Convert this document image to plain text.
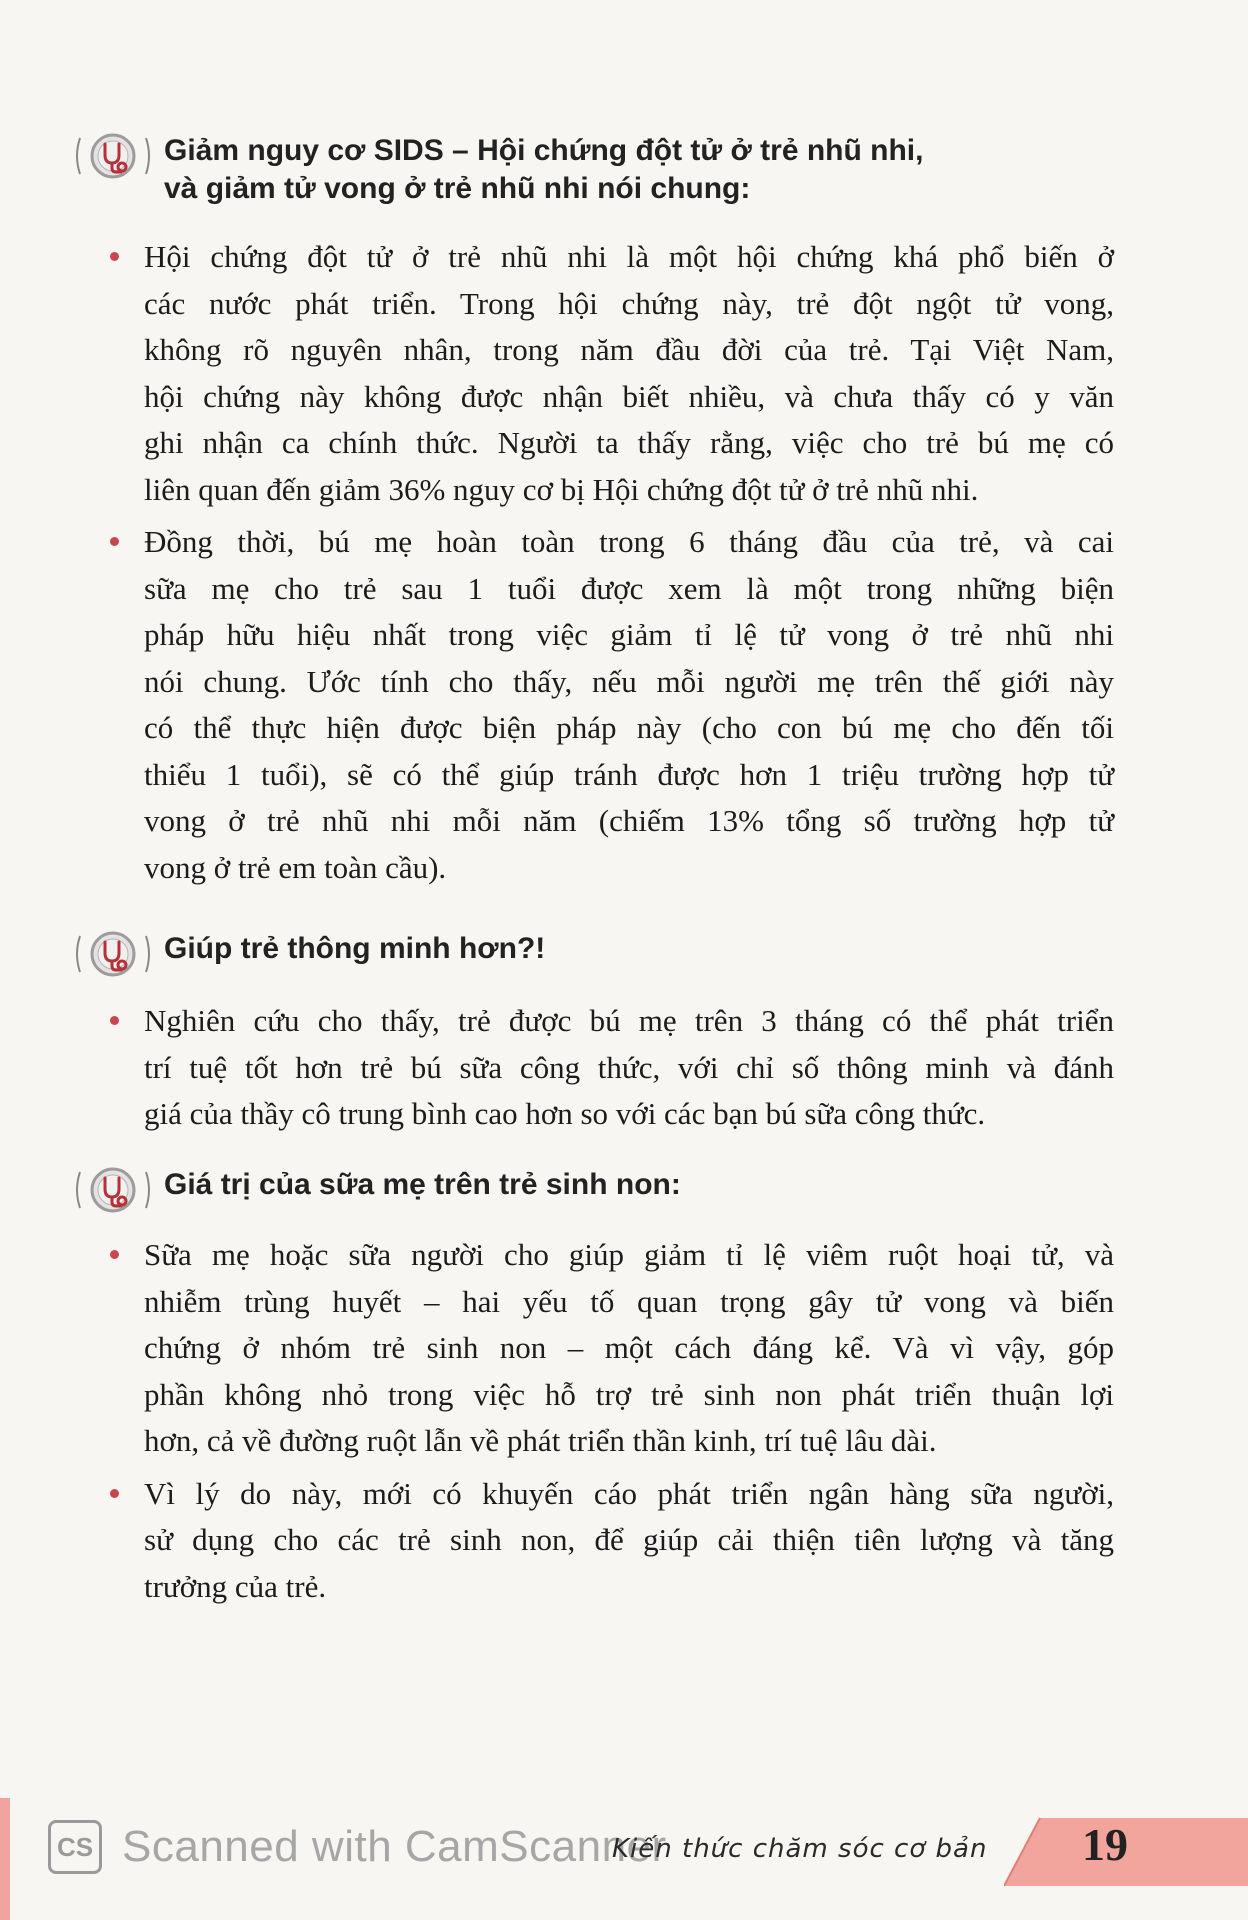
Giảm nguy cơ SIDS – Hội chứng đột tử ở trẻ nhũ nhi,
và giảm tử vong ở trẻ nhũ nhi nói chung:
Hội chứng đột tử ở trẻ nhũ nhi là một hội chứng khá phổ biến ở
các nước phát triển. Trong hội chứng này, trẻ đột ngột tử vong,
không rõ nguyên nhân, trong năm đầu đời của trẻ. Tại Việt Nam,
hội chứng này không được nhận biết nhiều, và chưa thấy có y văn
ghi nhận ca chính thức. Người ta thấy rằng, việc cho trẻ bú mẹ có
liên quan đến giảm 36% nguy cơ bị Hội chứng đột tử ở trẻ nhũ nhi.
Đồng thời, bú mẹ hoàn toàn trong 6 tháng đầu của trẻ, và cai
sữa mẹ cho trẻ sau 1 tuổi được xem là một trong những biện
pháp hữu hiệu nhất trong việc giảm tỉ lệ tử vong ở trẻ nhũ nhi
nói chung. Ước tính cho thấy, nếu mỗi người mẹ trên thế giới này
có thể thực hiện được biện pháp này (cho con bú mẹ cho đến tối
thiểu 1 tuổi), sẽ có thể giúp tránh được hơn 1 triệu trường hợp tử
vong ở trẻ nhũ nhi mỗi năm (chiếm 13% tổng số trường hợp tử
vong ở trẻ em toàn cầu).
Giúp trẻ thông minh hơn?!
Nghiên cứu cho thấy, trẻ được bú mẹ trên 3 tháng có thể phát triển
trí tuệ tốt hơn trẻ bú sữa công thức, với chỉ số thông minh và đánh
giá của thầy cô trung bình cao hơn so với các bạn bú sữa công thức.
Giá trị của sữa mẹ trên trẻ sinh non:
Sữa mẹ hoặc sữa người cho giúp giảm tỉ lệ viêm ruột hoại tử, và
nhiễm trùng huyết – hai yếu tố quan trọng gây tử vong và biến
chứng ở nhóm trẻ sinh non – một cách đáng kể. Và vì vậy, góp
phần không nhỏ trong việc hỗ trợ trẻ sinh non phát triển thuận lợi
hơn, cả về đường ruột lẫn về phát triển thần kinh, trí tuệ lâu dài.
Vì lý do này, mới có khuyến cáo phát triển ngân hàng sữa người,
sử dụng cho các trẻ sinh non, để giúp cải thiện tiên lượng và tăng
trưởng của trẻ.
CS Scanned with CamScanner
Kiến thức chăm sóc cơ bản	19
